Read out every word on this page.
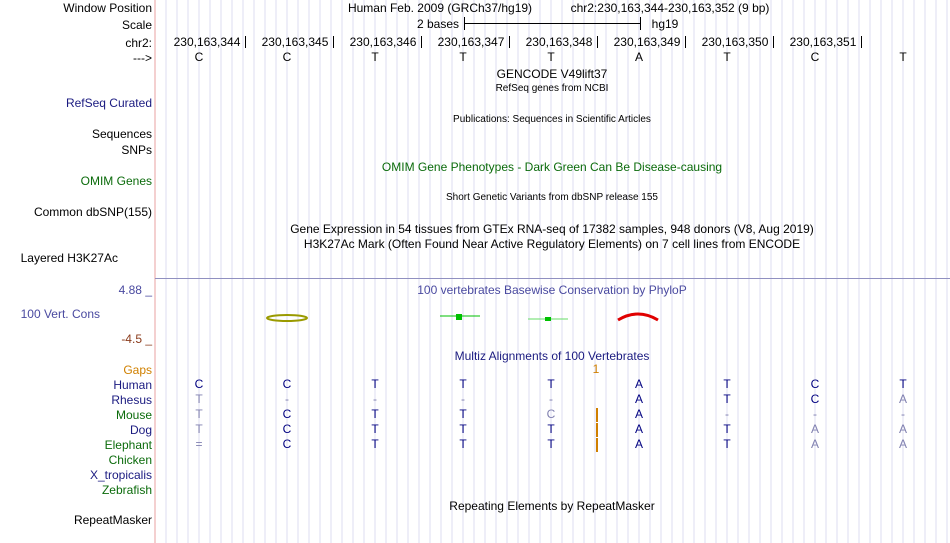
Window Position	Human Feb. 2009 (GRCh37/hg19)	chr2:230,163,344-230,163,352 (9 bp)
Scale	2 bases	hg19
chr2: 230,163,344 230,163,345 230,163,346 230,163,347 230,163,348 230,163,349 230,163,350 230,163,351
--->	C	C	T	T	T	A	T	C	T
GENCODE V49lift37
RefSeq genes from NCBI
RefSeq Curated
Publications: Sequences in Scientific Articles
Sequences
SNPs
OMIM Gene Phenotypes - Dark Green Can Be Disease-causing
OMIM Genes
Short Genetic Variants from dbSNP release 155
Common dbSNP(155)
Gene Expression in 54 tissues from GTEx RNA-seq of 17382 samples, 948 donors (V8, Aug 2019)
H3K27Ac Mark (Often Found Near Active Regulatory Elements) on 7 cell lines from ENCODE
Layered H3K27Ac
4.88 _	100 vertebrates Basewise Conservation by PhyloP
100 Vert. Cons
-4.5 _
Multiz Alignments of 100 Vertebrates
Gaps	1
Human	C	C	T	T	T	A	T	C	T
Rhesus	T	-	-	-	-	A	T	C	A
Mouse	T	C	T	T	C	A	-	-	-
Dog	T	C	T	T	T	A	T	A	A
Elephant	=	C	T	T	T	A	T	A	A
Chicken
X_tropicalis
Zebrafish
Repeating Elements by RepeatMasker
RepeatMasker
